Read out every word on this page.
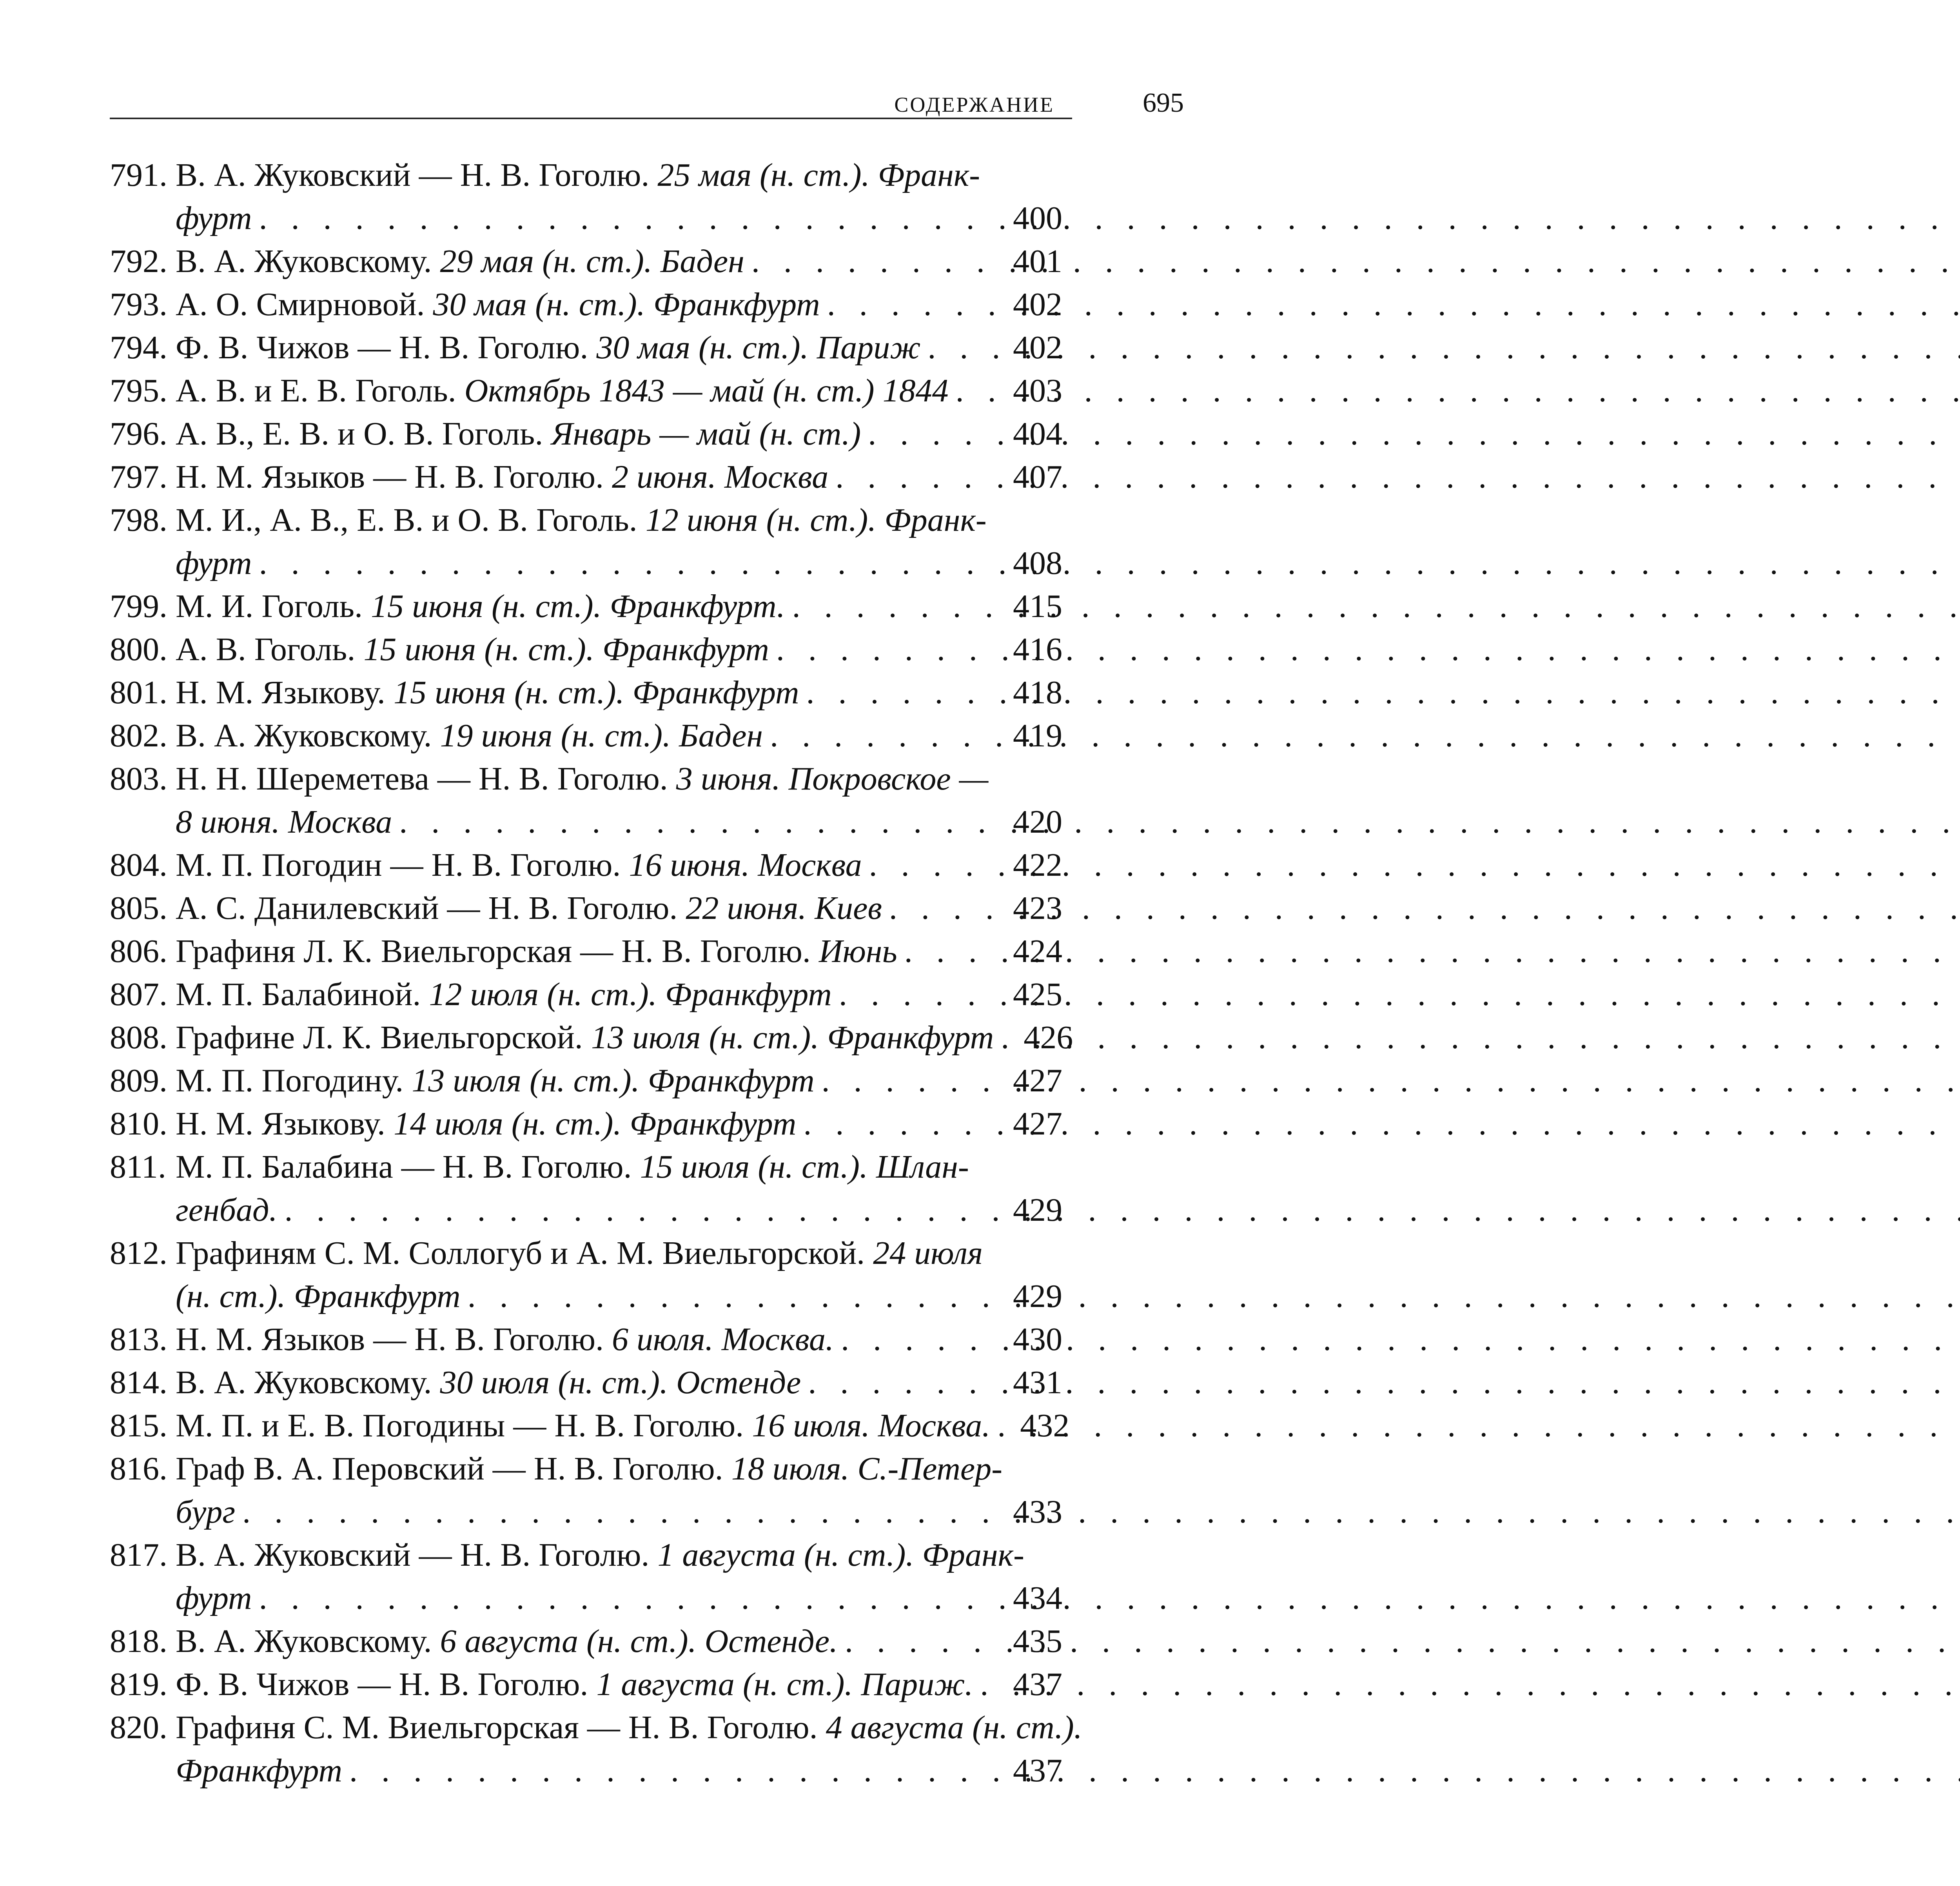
СОДЕРЖАНИЕ	695
791. В. А. Жуковский — Н. В. Гоголю. 25 мая (н. ст.). Франк-
фурт . . .	400
792. В. А. Жуковскому. 29 мая (н. ст.). Баден . . .	401
793. А. О. Смирновой. 30 мая (н. ст.). Франкфурт . . .	402
794. Ф. В. Чижов — Н. В. Гоголю. 30 мая (н. ст.). Париж . . .	402
795. А. В. и Е. В. Гоголь. Октябрь 1843 — май (н. ст.) 1844 . . . 403
796. А. В., Е. В. и О. В. Гоголь. Январь — май (н. ст.) . . .	404
797. Н. М. Языков — Н. В. Гоголю. 2 июня. Москва . . .	407
798. М. И., А. В., Е. В. и О. В. Гоголь. 12 июня (н. ст.). Франк-
фурт . . .	408
799. М. И. Гоголь. 15 июня (н. ст.). Франкфурт. . . .	415
800. А. В. Гоголь. 15 июня (н. ст.). Франкфурт . . .	416
801. Н. М. Языкову. 15 июня (н. ст.). Франкфурт . . .	418
802. В. А. Жуковскому. 19 июня (н. ст.). Баден . . .	419
803. Н. Н. Шереметева — Н. В. Гоголю. 3 июня. Покровское —
8 июня. Москва . . .	420
804. М. П. Погодин — Н. В. Гоголю. 16 июня. Москва . . .	422
805. А. С. Данилевский — Н. В. Гоголю. 22 июня. Киев . . .	423
806. Графиня Л. К. Виельгорская — Н. В. Гоголю. Июнь . . .	424
807. М. П. Балабиной. 12 июля (н. ст.). Франкфурт . . .	425
808. Графине Л. К. Виельгорской. 13 июля (н. ст.). Франкфурт . . . 426
809. М. П. Погодину. 13 июля (н. ст.). Франкфурт . . .	427
810. Н. М. Языкову. 14 июля (н. ст.). Франкфурт . . .	427
811. М. П. Балабина — Н. В. Гоголю. 15 июля (н. ст.). Шлан-
генбад. . . .	429
812. Графиням С. М. Соллогуб и А. М. Виельгорской. 24 июля
(н. ст.). Франкфурт . . .	429
813. Н. М. Языков — Н. В. Гоголю. 6 июля. Москва. . . .	430
814. В. А. Жуковскому. 30 июля (н. ст.). Остенде . . .	431
815. М. П. и Е. В. Погодины — Н. В. Гоголю. 16 июля. Москва. . . . 432
816. Граф В. А. Перовский — Н. В. Гоголю. 18 июля. С.-Петер-
бург . . .	433
817. В. А. Жуковский — Н. В. Гоголю. 1 августа (н. ст.). Франк-
фурт . . .	434
818. В. А. Жуковскому. 6 августа (н. ст.). Остенде. . . .	435
819. Ф. В. Чижов — Н. В. Гоголю. 1 августа (н. ст.). Париж. . . . 437
820. Графиня С. М. Виельгорская — Н. В. Гоголю. 4 августа (н. ст.).
Франкфурт . . .	437
